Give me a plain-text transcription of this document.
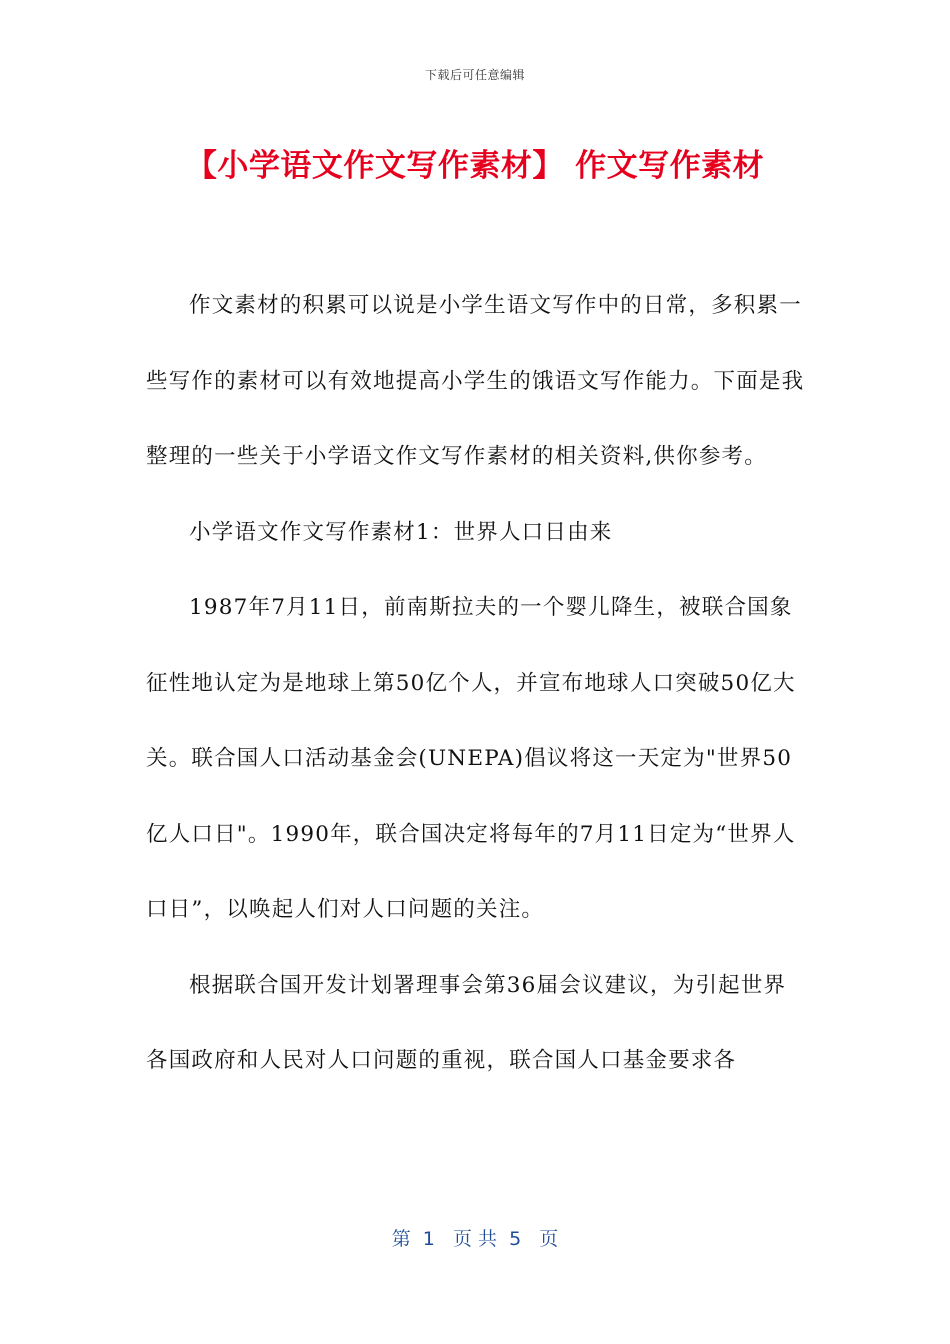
下载后可任意编辑
【小学语文作文写作素材】 作文写作素材

作文素材的积累可以说是小学生语文写作中的日常，多积累一些写作的素材可以有效地提高小学生的饿语文写作能力。下面是我整理的一些关于小学语文作文写作素材的相关资料,供你参考。

小学语文作文写作素材1：世界人口日由来

1987年7月11日，前南斯拉夫的一个婴儿降生，被联合国象征性地认定为是地球上第50亿个人，并宣布地球人口突破50亿大关。联合国人口活动基金会(UNEPA)倡议将这一天定为"世界50亿人口日"。1990年，联合国决定将每年的7月11日定为“世界人口日”，以唤起人们对人口问题的关注。

根据联合国开发计划署理事会第36届会议建议，为引起世界各国政府和人民对人口问题的重视，联合国人口基金要求各

第  1   页 共  5   页
